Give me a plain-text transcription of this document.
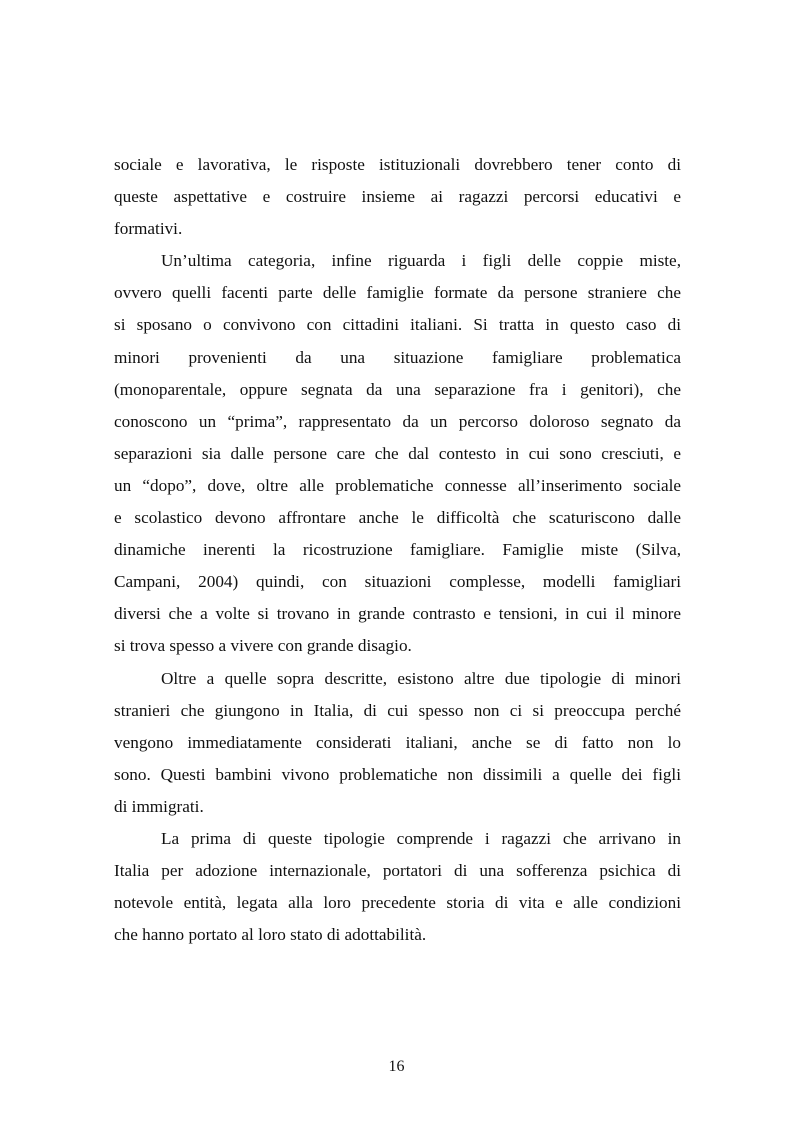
sociale e lavorativa, le risposte istituzionali dovrebbero tener conto di
queste aspettative e costruire insieme ai ragazzi percorsi educativi e
formativi.
Un’ultima categoria, infine riguarda i figli delle coppie miste,
ovvero quelli facenti parte delle famiglie formate da persone straniere che
si sposano o convivono con cittadini italiani. Si tratta in questo caso di
minori provenienti da una situazione famigliare problematica
(monoparentale, oppure segnata da una separazione fra i genitori), che
conoscono un “prima”, rappresentato da un percorso doloroso segnato da
separazioni sia dalle persone care che dal contesto in cui sono cresciuti, e
un “dopo”, dove, oltre alle problematiche connesse all’inserimento sociale
e scolastico devono affrontare anche le difficoltà che scaturiscono dalle
dinamiche inerenti la ricostruzione famigliare. Famiglie miste (Silva,
Campani, 2004) quindi, con situazioni complesse, modelli famigliari
diversi che a volte si trovano in grande contrasto e tensioni, in cui il minore
si trova spesso a vivere con grande disagio.
Oltre a quelle sopra descritte, esistono altre due tipologie di minori
stranieri che giungono in Italia, di cui spesso non ci si preoccupa perché
vengono immediatamente considerati italiani, anche se di fatto non lo
sono. Questi bambini vivono problematiche non dissimili a quelle dei figli
di immigrati.
La prima di queste tipologie comprende i ragazzi che arrivano in
Italia per adozione internazionale, portatori di una sofferenza psichica di
notevole entità, legata alla loro precedente storia di vita e alle condizioni
che hanno portato al loro stato di adottabilità.
16
